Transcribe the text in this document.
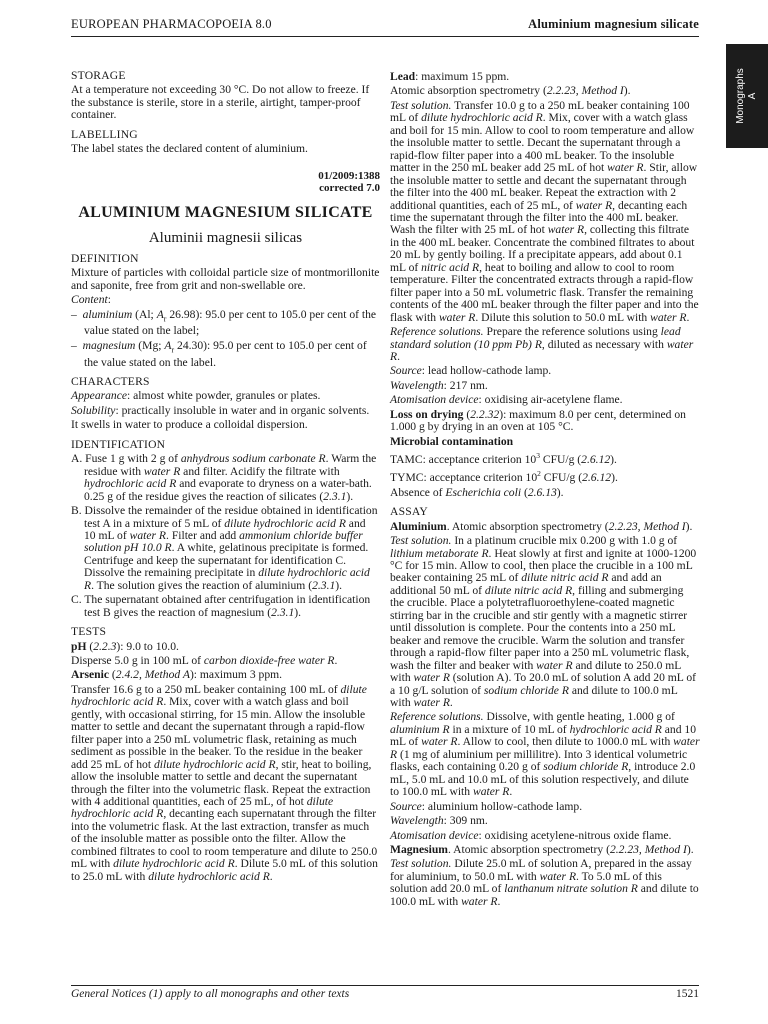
EUROPEAN PHARMACOPOEIA 8.0	Aluminium magnesium silicate
Monographs A

STORAGE

At a temperature not exceeding 30 °C. Do not allow to freeze. If the substance is sterile, store in a sterile, airtight, tamper-proof container.

LABELLING

The label states the declared content of aluminium.

01/2009:1388
corrected 7.0
ALUMINIUM MAGNESIUM SILICATE
Aluminii magnesii silicas

DEFINITION

Mixture of particles with colloidal particle size of montmorillonite and saponite, free from grit and non-swellable ore.

Content:

– aluminium (Al; $A_r$ 26.98): 95.0 per cent to 105.0 per cent of the value stated on the label;

– magnesium (Mg; $A_r$ 24.30): 95.0 per cent to 105.0 per cent of the value stated on the label.

CHARACTERS

Appearance: almost white powder, granules or plates.

Solubility: practically insoluble in water and in organic solvents.

It swells in water to produce a colloidal dispersion.

IDENTIFICATION

A. Fuse 1 g with 2 g of anhydrous sodium carbonate R. Warm the residue with water R and filter. Acidify the filtrate with hydrochloric acid R and evaporate to dryness on a water-bath. 0.25 g of the residue gives the reaction of silicates (2.3.1).

B. Dissolve the remainder of the residue obtained in identification test A in a mixture of 5 mL of dilute hydrochloric acid R and 10 mL of water R. Filter and add ammonium chloride buffer solution pH 10.0 R. A white, gelatinous precipitate is formed. Centrifuge and keep the supernatant for identification C. Dissolve the remaining precipitate in dilute hydrochloric acid R. The solution gives the reaction of aluminium (2.3.1).

C. The supernatant obtained after centrifugation in identification test B gives the reaction of magnesium (2.3.1).

TESTS

pH (2.2.3): 9.0 to 10.0.

Disperse 5.0 g in 100 mL of carbon dioxide-free water R.

Arsenic (2.4.2, Method A): maximum 3 ppm.

Transfer 16.6 g to a 250 mL beaker containing 100 mL of dilute hydrochloric acid R. Mix, cover with a watch glass and boil gently, with occasional stirring, for 15 min. Allow the insoluble matter to settle and decant the supernatant through a rapid-flow filter paper into a 250 mL volumetric flask, retaining as much sediment as possible in the beaker. To the residue in the beaker add 25 mL of hot dilute hydrochloric acid R, stir, heat to boiling, allow the insoluble matter to settle and decant the supernatant through the filter into the volumetric flask. Repeat the extraction with 4 additional quantities, each of 25 mL, of hot dilute hydrochloric acid R, decanting each supernatant through the filter into the volumetric flask. At the last extraction, transfer as much of the insoluble matter as possible onto the filter. Allow the combined filtrates to cool to room temperature and dilute to 250.0 mL with dilute hydrochloric acid R. Dilute 5.0 mL of this solution to 25.0 mL with dilute hydrochloric acid R.

Lead: maximum 15 ppm.

Atomic absorption spectrometry (2.2.23, Method I).

Test solution. Transfer 10.0 g to a 250 mL beaker containing 100 mL of dilute hydrochloric acid R. Mix, cover with a watch glass and boil for 15 min. Allow to cool to room temperature and allow the insoluble matter to settle. Decant the supernatant through a rapid-flow filter paper into a 400 mL beaker. To the insoluble matter in the 250 mL beaker add 25 mL of hot water R. Stir, allow the insoluble matter to settle and decant the supernatant through the filter into the 400 mL beaker. Repeat the extraction with 2 additional quantities, each of 25 mL, of water R, decanting each time the supernatant through the filter into the 400 mL beaker. Wash the filter with 25 mL of hot water R, collecting this filtrate in the 400 mL beaker. Concentrate the combined filtrates to about 20 mL by gently boiling. If a precipitate appears, add about 0.1 mL of nitric acid R, heat to boiling and allow to cool to room temperature. Filter the concentrated extracts through a rapid-flow filter paper into a 50 mL volumetric flask. Transfer the remaining contents of the 400 mL beaker through the filter paper and into the flask with water R. Dilute this solution to 50.0 mL with water R.

Reference solutions. Prepare the reference solutions using lead standard solution (10 ppm Pb) R, diluted as necessary with water R.

Source: lead hollow-cathode lamp.

Wavelength: 217 nm.

Atomisation device: oxidising air-acetylene flame.

Loss on drying (2.2.32): maximum 8.0 per cent, determined on 1.000 g by drying in an oven at 105 °C.

Microbial contamination

TAMC: acceptance criterion $10^3$ CFU/g (2.6.12).

TYMC: acceptance criterion $10^2$ CFU/g (2.6.12).

Absence of Escherichia coli (2.6.13).

ASSAY

Aluminium. Atomic absorption spectrometry (2.2.23, Method I).

Test solution. In a platinum crucible mix 0.200 g with 1.0 g of lithium metaborate R. Heat slowly at first and ignite at 1000-1200 °C for 15 min. Allow to cool, then place the crucible in a 100 mL beaker containing 25 mL of dilute nitric acid R and add an additional 50 mL of dilute nitric acid R, filling and submerging the crucible. Place a polytetrafluoroethylene-coated magnetic stirring bar in the crucible and stir gently with a magnetic stirrer until dissolution is complete. Pour the contents into a 250 mL beaker and remove the crucible. Warm the solution and transfer through a rapid-flow filter paper into a 250 mL volumetric flask, wash the filter and beaker with water R and dilute to 250.0 mL with water R (solution A). To 20.0 mL of solution A add 20 mL of a 10 g/L solution of sodium chloride R and dilute to 100.0 mL with water R.

Reference solutions. Dissolve, with gentle heating, 1.000 g of aluminium R in a mixture of 10 mL of hydrochloric acid R and 10 mL of water R. Allow to cool, then dilute to 1000.0 mL with water R (1 mg of aluminium per millilitre). Into 3 identical volumetric flasks, each containing 0.20 g of sodium chloride R, introduce 2.0 mL, 5.0 mL and 10.0 mL of this solution respectively, and dilute to 100.0 mL with water R.

Source: aluminium hollow-cathode lamp.

Wavelength: 309 nm.

Atomisation device: oxidising acetylene-nitrous oxide flame.

Magnesium. Atomic absorption spectrometry (2.2.23, Method I).

Test solution. Dilute 25.0 mL of solution A, prepared in the assay for aluminium, to 50.0 mL with water R. To 5.0 mL of this solution add 20.0 mL of lanthanum nitrate solution R and dilute to 100.0 mL with water R.

General Notices (1) apply to all monographs and other texts	1521
